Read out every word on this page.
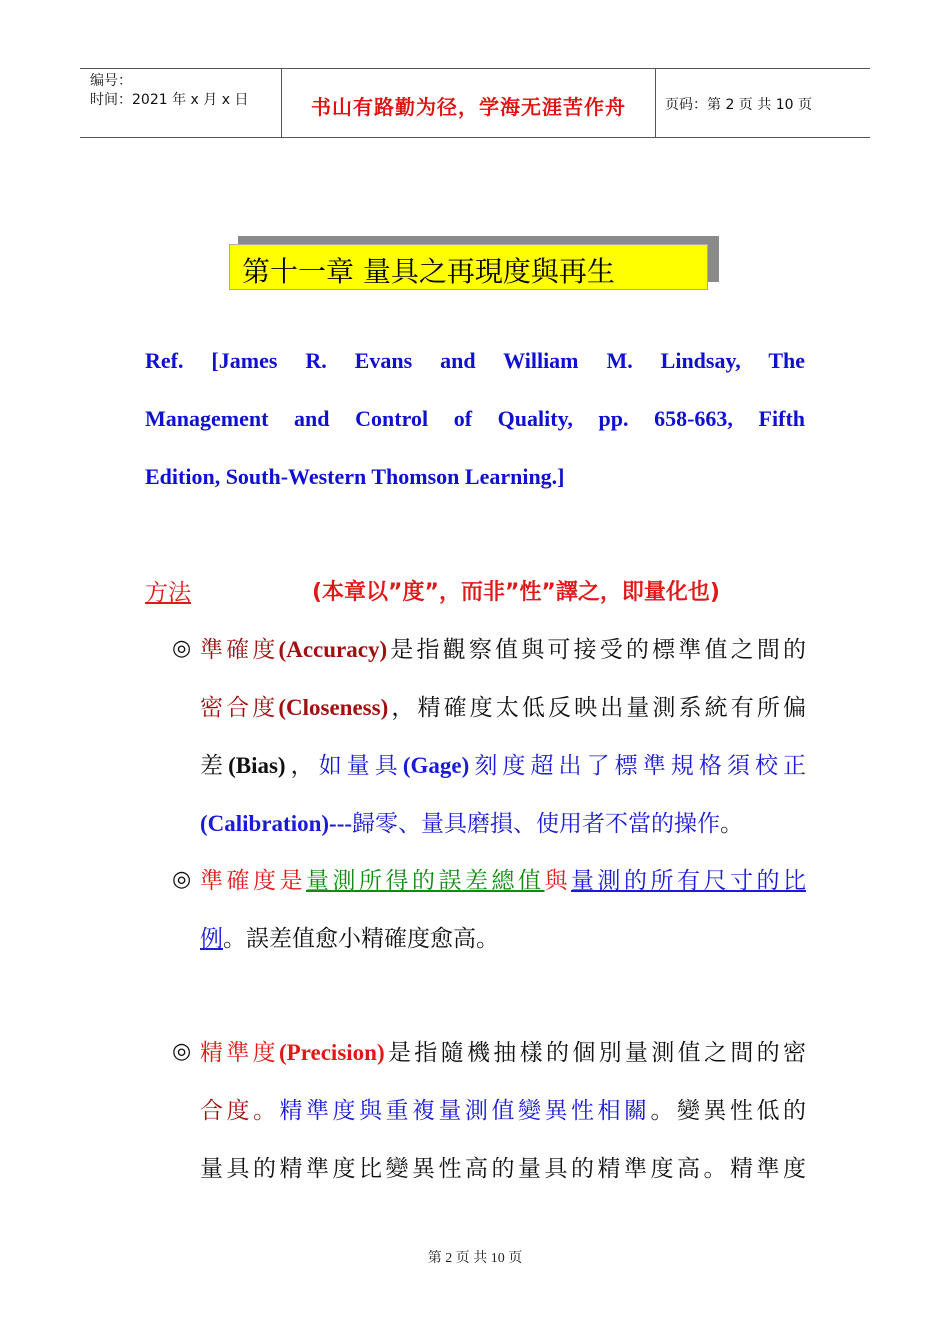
编号：
时间：2021 年 x 月 x 日	书山有路勤为径，学海无涯苦作舟	页码：第 2 页 共 10 页
第十一章 量具之再現度與再生
Ref. [James R. Evans and William M. Lindsay, The
Management and Control of Quality, pp. 658-663, Fifth
Edition, South-Western Thomson Learning.]
方法	(本章以”度”，而非”性”譯之，即量化也)
◎ 準確度(Accuracy)是指觀察值與可接受的標準值之間的
密合度(Closeness)，精確度太低反映出量測系統有所偏
差(Bias)，如量具(Gage)刻度超出了標準規格須校正
(Calibration)---歸零、量具磨損、使用者不當的操作。
◎ 準確度是量測所得的誤差總值與量測的所有尺寸的比
例。誤差值愈小精確度愈高。
◎ 精準度(Precision)是指隨機抽樣的個別量測值之間的密
合度。精準度與重複量測值變異性相關。變異性低的
量具的精準度比變異性高的量具的精準度高。精準度
第 2 页 共 10 页
